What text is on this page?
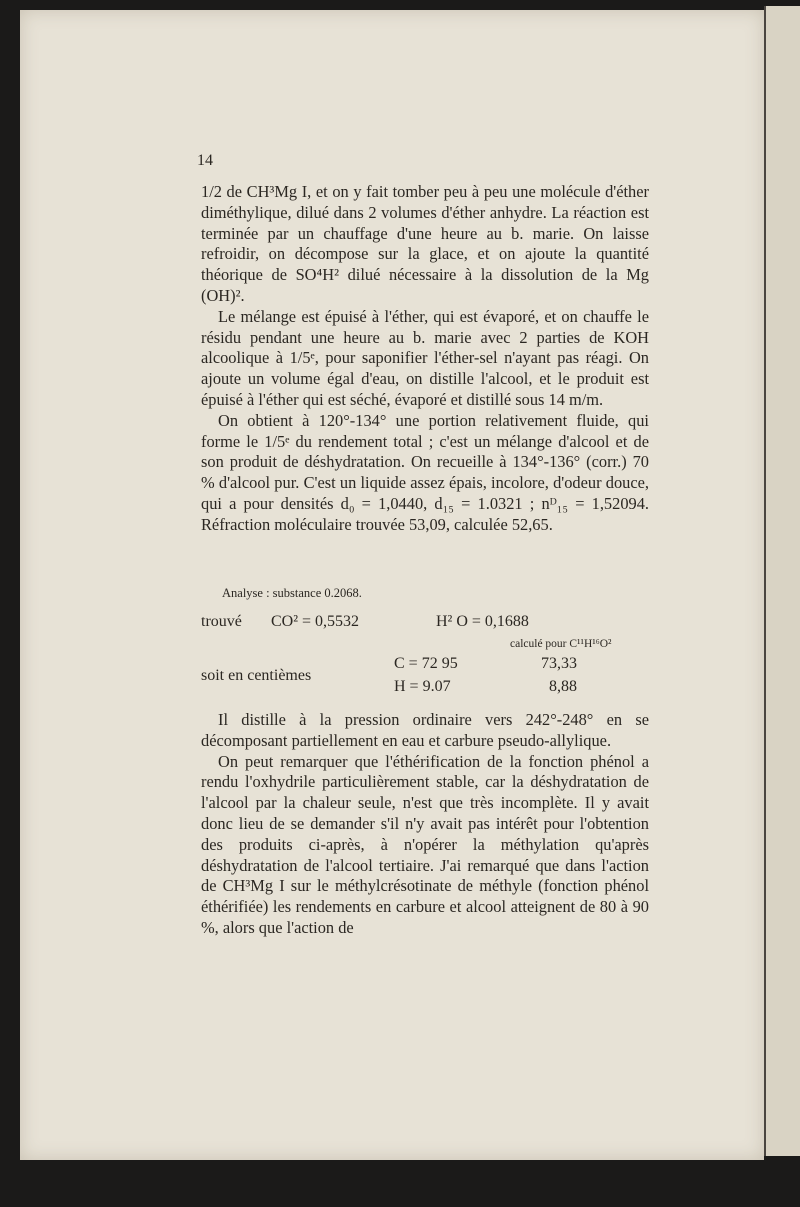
14

1/2 de CH³Mg I, et on y fait tomber peu à peu une molécule d'éther diméthylique, dilué dans 2 volumes d'éther anhydre. La réaction est terminée par un chauffage d'une heure au b. marie. On laisse refroidir, on décompose sur la glace, et on ajoute la quantité théorique de SO⁴H² dilué nécessaire à la dissolution de la Mg (OH)².

Le mélange est épuisé à l'éther, qui est évaporé, et on chauffe le résidu pendant une heure au b. marie avec 2 parties de KOH alcoolique à 1/5ᵉ, pour saponifier l'éther-sel n'ayant pas réagi. On ajoute un volume égal d'eau, on distille l'alcool, et le produit est épuisé à l'éther qui est séché, évaporé et distillé sous 14 m/m.

On obtient à 120°-134° une portion relativement fluide, qui forme le 1/5ᵉ du rendement total ; c'est un mélange d'alcool et de son produit de déshydratation. On recueille à 134°-136° (corr.) 70 % d'alcool pur. C'est un liquide assez épais, incolore, d'odeur douce, qui a pour densités d₀ = 1,0440, d₁₅ = 1.0321 ; nᴰ₁₅ = 1,52094. Réfraction moléculaire trouvée 53,09, calculée 52,65.

Analyse : substance 0.2068.
trouvé CO² = 0,5532	H² O = 0,1688
calculé pour C¹¹H¹⁶O²
soit en centièmes
C = 72 95
H = 9.07
73,33
8,88

Il distille à la pression ordinaire vers 242°-248° en se décomposant partiellement en eau et carbure pseudo-allylique.

On peut remarquer que l'éthérification de la fonction phénol a rendu l'oxhydrile particulièrement stable, car la déshydratation de l'alcool par la chaleur seule, n'est que très incomplète. Il y avait donc lieu de se demander s'il n'y avait pas intérêt pour l'obtention des produits ci-après, à n'opérer la méthylation qu'après déshydratation de l'alcool tertiaire. J'ai remarqué que dans l'action de CH³Mg I sur le méthylcrésotinate de méthyle (fonction phénol éthérifiée) les rendements en carbure et alcool atteignent de 80 à 90 %, alors que l'action de
